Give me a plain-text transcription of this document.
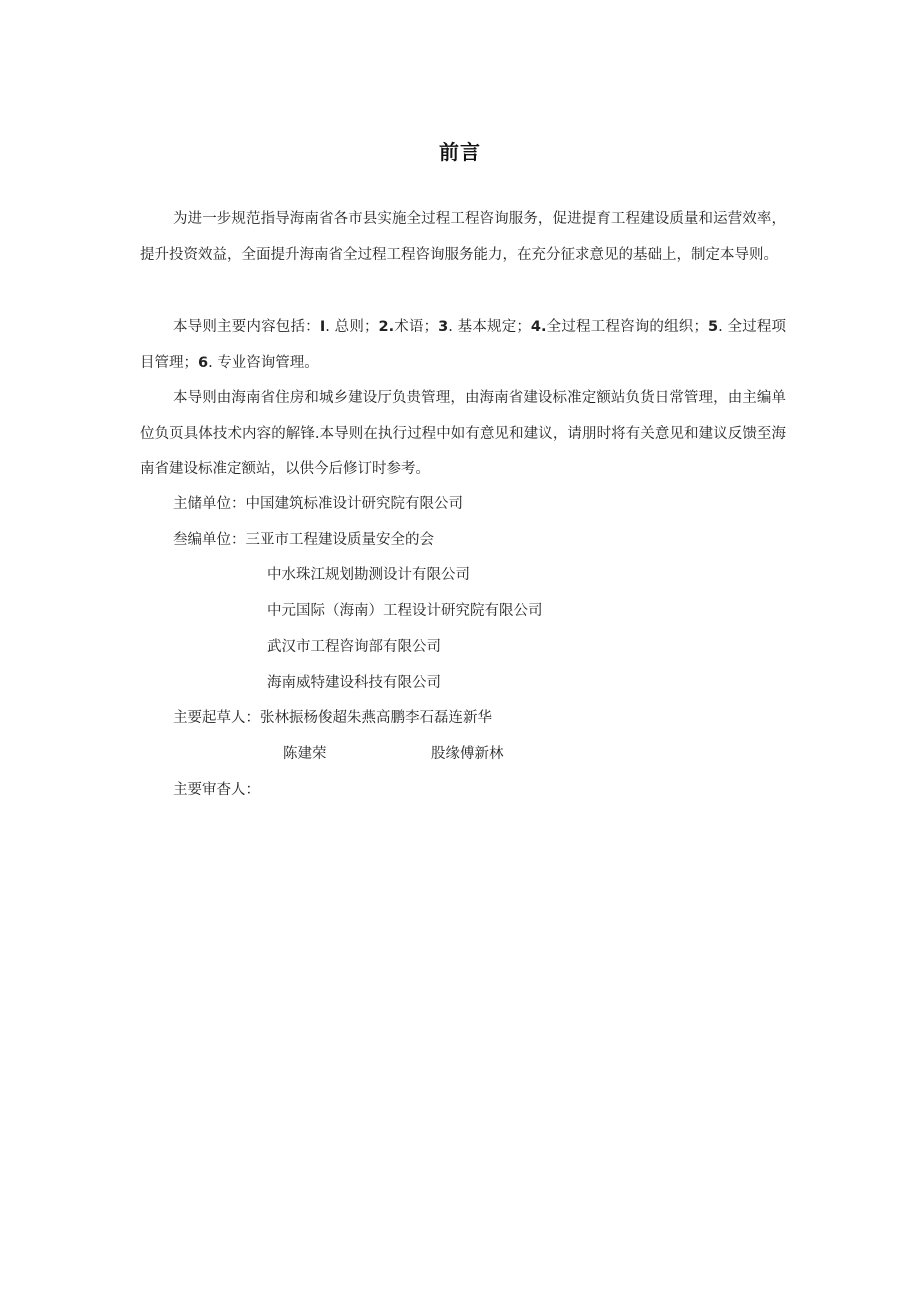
前言

为进一步规范指导海南省各市县实施全过程工程咨询服务，促进提育工程建设质量和运营效率，提升投资效益，全面提升海南省全过程工程咨询服务能力，在充分征求意见的基础上，制定本导则。

本导则主要内容包括：I. 总则；2.术语；3. 基本规定；4.全过程工程咨询的组织；5. 全过程项目管理；6. 专业咨询管理。

本导则由海南省住房和城乡建设厅负贵管理，由海南省建设标准定额站负货日常管理，由主编单位负页具体技术内容的解锋.本导则在执行过程中如有意见和建议，请朋时将有关意见和建议反馈至海南省建设标准定额站，以供今后修订时参考。

主储单位：中国建筑标准设计研究院有限公司
叁编单位：三亚市工程建设质量安全的会
中水珠江规划勘测设计有限公司
中元国际（海南）工程设计研究院有限公司
武汉市工程咨询部有限公司
海南威特建设科技有限公司
主要起草人：张林振杨俊超朱燕高鹏李石磊连新华
陈建荣	股缘傅新林
主要审杳人：
